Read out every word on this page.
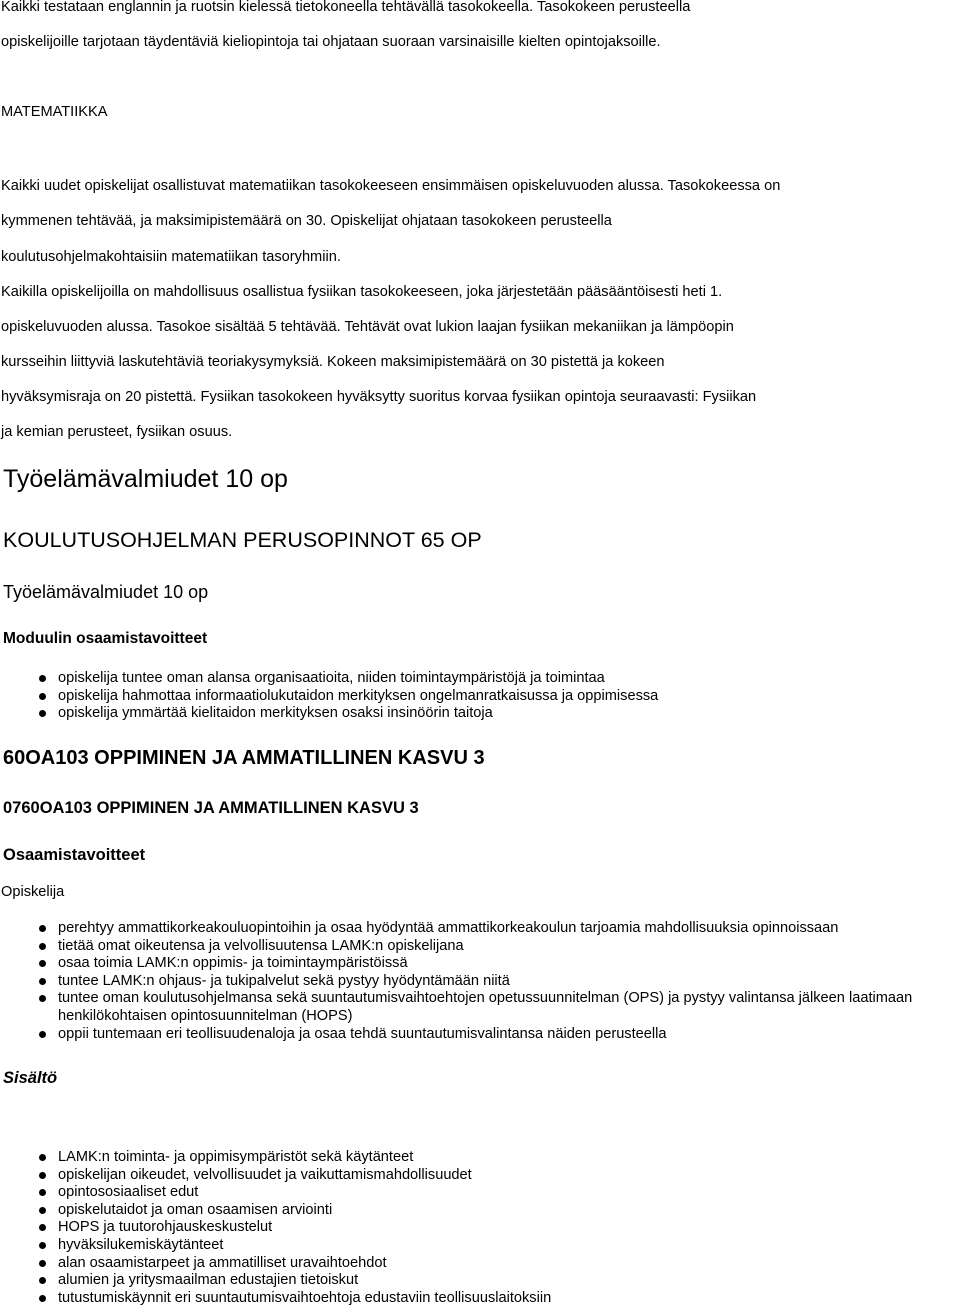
Kaikki testataan englannin ja ruotsin kielessä tietokoneella tehtävällä tasokokeella. Tasokokeen perusteella
opiskelijoille tarjotaan täydentäviä kieliopintoja tai ohjataan suoraan varsinaisille kielten opintojaksoille.
MATEMATIIKKA
Kaikki uudet opiskelijat osallistuvat matematiikan tasokokeeseen ensimmäisen opiskeluvuoden alussa. Tasokokeessa on
kymmenen tehtävää, ja maksimipistemäärä on 30. Opiskelijat ohjataan tasokokeen perusteella
koulutusohjelmakohtaisiin matematiikan tasoryhmiin.
Kaikilla opiskelijoilla on mahdollisuus osallistua fysiikan tasokokeeseen, joka järjestetään pääsääntöisesti heti 1.
opiskeluvuoden alussa. Tasokoe sisältää 5 tehtävää. Tehtävät ovat lukion laajan fysiikan mekaniikan ja lämpöopin
kursseihin liittyviä laskutehtäviä teoriakysymyksiä. Kokeen maksimipistemäärä on 30 pistettä ja kokeen
hyväksymisraja on 20 pistettä. Fysiikan tasokokeen hyväksytty suoritus korvaa fysiikan opintoja seuraavasti: Fysiikan
ja kemian perusteet, fysiikan osuus.
Työelämävalmiudet 10 op
KOULUTUSOHJELMAN PERUSOPINNOT 65 OP
Työelämävalmiudet 10 op
Moduulin osaamistavoitteet
opiskelija tuntee oman alansa organisaatioita, niiden toimintaympäristöjä ja toimintaa
opiskelija hahmottaa informaatiolukutaidon merkityksen ongelmanratkaisussa ja oppimisessa
opiskelija ymmärtää kielitaidon merkityksen osaksi insinöörin taitoja
60OA103 OPPIMINEN JA AMMATILLINEN KASVU 3
0760OA103 OPPIMINEN JA AMMATILLINEN KASVU 3
Osaamistavoitteet
Opiskelija
perehtyy ammattikorkeakouluopintoihin ja osaa hyödyntää ammattikorkeakoulun tarjoamia mahdollisuuksia opinnoissaan
tietää omat oikeutensa ja velvollisuutensa LAMK:n opiskelijana
osaa toimia LAMK:n oppimis- ja toimintaympäristöissä
tuntee LAMK:n ohjaus- ja tukipalvelut sekä pystyy hyödyntämään niitä
tuntee oman koulutusohjelmansa sekä suuntautumisvaihtoehtojen opetussuunnitelman (OPS) ja pystyy valintansa jälkeen laatimaan henkilökohtaisen opintosuunnitelman (HOPS)
oppii tuntemaan eri teollisuudenaloja ja osaa tehdä suuntautumisvalintansa näiden perusteella
Sisältö
LAMK:n toiminta- ja oppimisympäristöt sekä käytänteet
opiskelijan oikeudet, velvollisuudet ja vaikuttamismahdollisuudet
opintososiaaliset edut
opiskelutaidot ja oman osaamisen arviointi
HOPS ja tuutorohjauskeskustelut
hyväksilukemiskäytänteet
alan osaamistarpeet ja ammatilliset uravaihtoehdot
alumien ja yritysmaailman edustajien tietoiskut
tutustumiskäynnit eri suuntautumisvaihtoehtoja edustaviin teollisuuslaitoksiin
